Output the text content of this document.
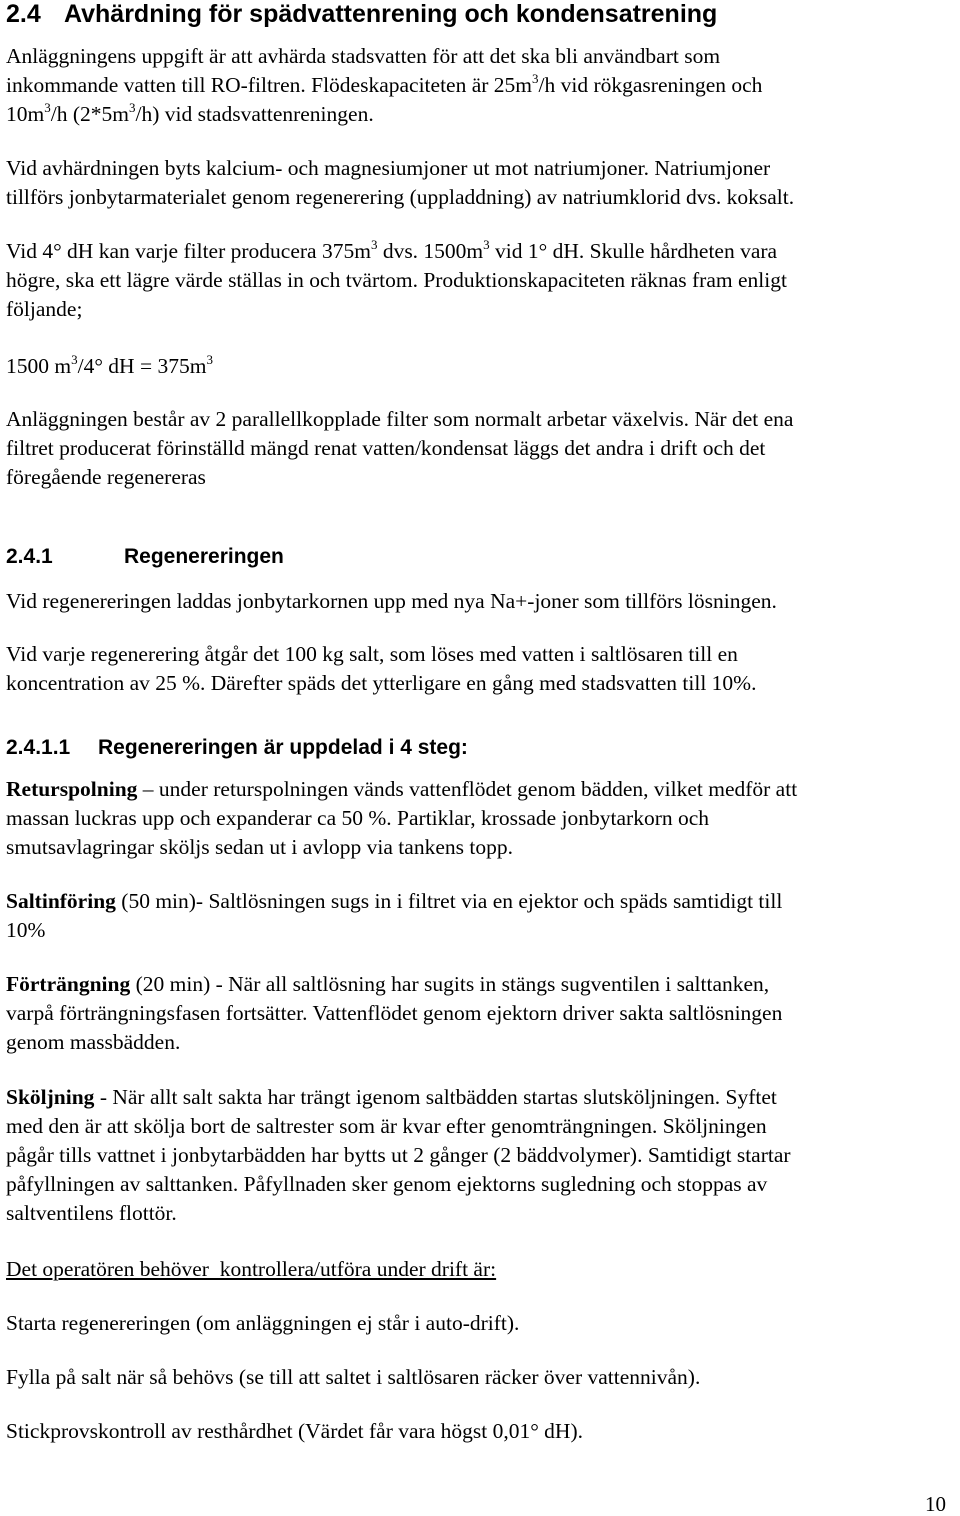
2.4 Avhärdning för spädvattenrening och kondensatrening
Anläggningens uppgift är att avhärda stadsvatten för att det ska bli användbart som
inkommande vatten till RO-filtren. Flödeskapaciteten är $25m^3/h$ vid rökgasreningen och
$10m^3/h$ $(2*5m^3/h)$ vid stadsvattenreningen.
Vid avhärdningen byts kalcium- och magnesiumjoner ut mot natriumjoner. Natriumjoner
tillförs jonbytarmaterialet genom regenerering (uppladdning) av natriumklorid dvs. koksalt.
Vid 4° dH kan varje filter producera $375m^3$ dvs. $1500m^3$ vid 1° dH. Skulle hårdheten vara
högre, ska ett lägre värde ställas in och tvärtom. Produktionskapaciteten räknas fram enligt
följande;
1500 $m^3/4^\circ$ dH = $375m^3$
Anläggningen består av 2 parallellkopplade filter som normalt arbetar växelvis. När det ena
filtret producerat förinställd mängd renat vatten/kondensat läggs det andra i drift och det
föregående regenereras
2.4.1	Regenereringen
Vid regenereringen laddas jonbytarkornen upp med nya Na+-joner som tillförs lösningen.
Vid varje regenerering åtgår det 100 kg salt, som löses med vatten i saltlösaren till en
koncentration av 25 %. Därefter späds det ytterligare en gång med stadsvatten till 10%.
2.4.1.1 Regenereringen är uppdelad i 4 steg:
Returspolning – under returspolningen vänds vattenflödet genom bädden, vilket medför att
massan luckras upp och expanderar ca 50 %. Partiklar, krossade jonbytarkorn och
smutsavlagringar sköljs sedan ut i avlopp via tankens topp.
Saltinföring (50 min)- Saltlösningen sugs in i filtret via en ejektor och späds samtidigt till
10%
Förträngning (20 min) - När all saltlösning har sugits in stängs sugventilen i salttanken,
varpå förträngningsfasen fortsätter. Vattenflödet genom ejektorn driver sakta saltlösningen
genom massbädden.
Sköljning - När allt salt sakta har trängt igenom saltbädden startas slutsköljningen. Syftet
med den är att skölja bort de saltrester som är kvar efter genomträngningen. Sköljningen
pågår tills vattnet i jonbytarbädden har bytts ut 2 gånger (2 bäddvolymer). Samtidigt startar
påfyllningen av salttanken. Påfyllnaden sker genom ejektorns sugledning och stoppas av
saltventilens flottör.
Det operatören behöver  kontrollera/utföra under drift är:
Starta regenereringen (om anläggningen ej står i auto-drift).
Fylla på salt när så behövs (se till att saltet i saltlösaren räcker över vattennivån).
Stickprovskontroll av resthårdhet (Värdet får vara högst 0,01° dH).
10
